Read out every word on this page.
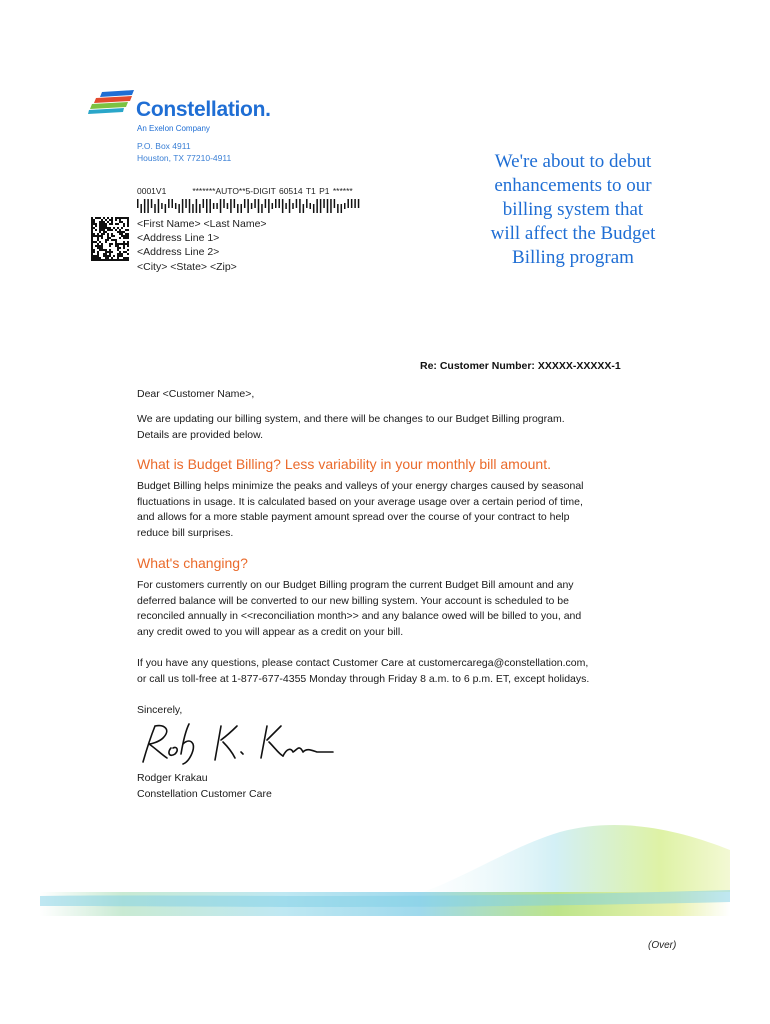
Constellation.
An Exelon Company
P.O. Box 4911
Houston, TX 77210-4911
0001V1	*******AUTO**5-DIGIT 60514 T1 P1 ******
<First Name> <Last Name>
<Address Line 1>
<Address Line 2>
<City> <State> <Zip>
We're about to debut
enhancements to our
billing system that
will affect the Budget
Billing program
Re: Customer Number: XXXXX-XXXXX-1
Dear <Customer Name>,
We are updating our billing system, and there will be changes to our Budget Billing program.
Details are provided below.
What is Budget Billing? Less variability in your monthly bill amount.
Budget Billing helps minimize the peaks and valleys of your energy charges caused by seasonal
fluctuations in usage. It is calculated based on your average usage over a certain period of time,
and allows for a more stable payment amount spread over the course of your contract to help
reduce bill surprises.
What's changing?
For customers currently on our Budget Billing program the current Budget Bill amount and any
deferred balance will be converted to our new billing system. Your account is scheduled to be
reconciled annually in <<reconciliation month>> and any balance owed will be billed to you, and
any credit owed to you will appear as a credit on your bill.
If you have any questions, please contact Customer Care at customercarega@constellation.com,
or call us toll-free at 1-877-677-4355 Monday through Friday 8 a.m. to 6 p.m. ET, except holidays.
Sincerely,
Rodger Krakau
Constellation Customer Care
(Over)
